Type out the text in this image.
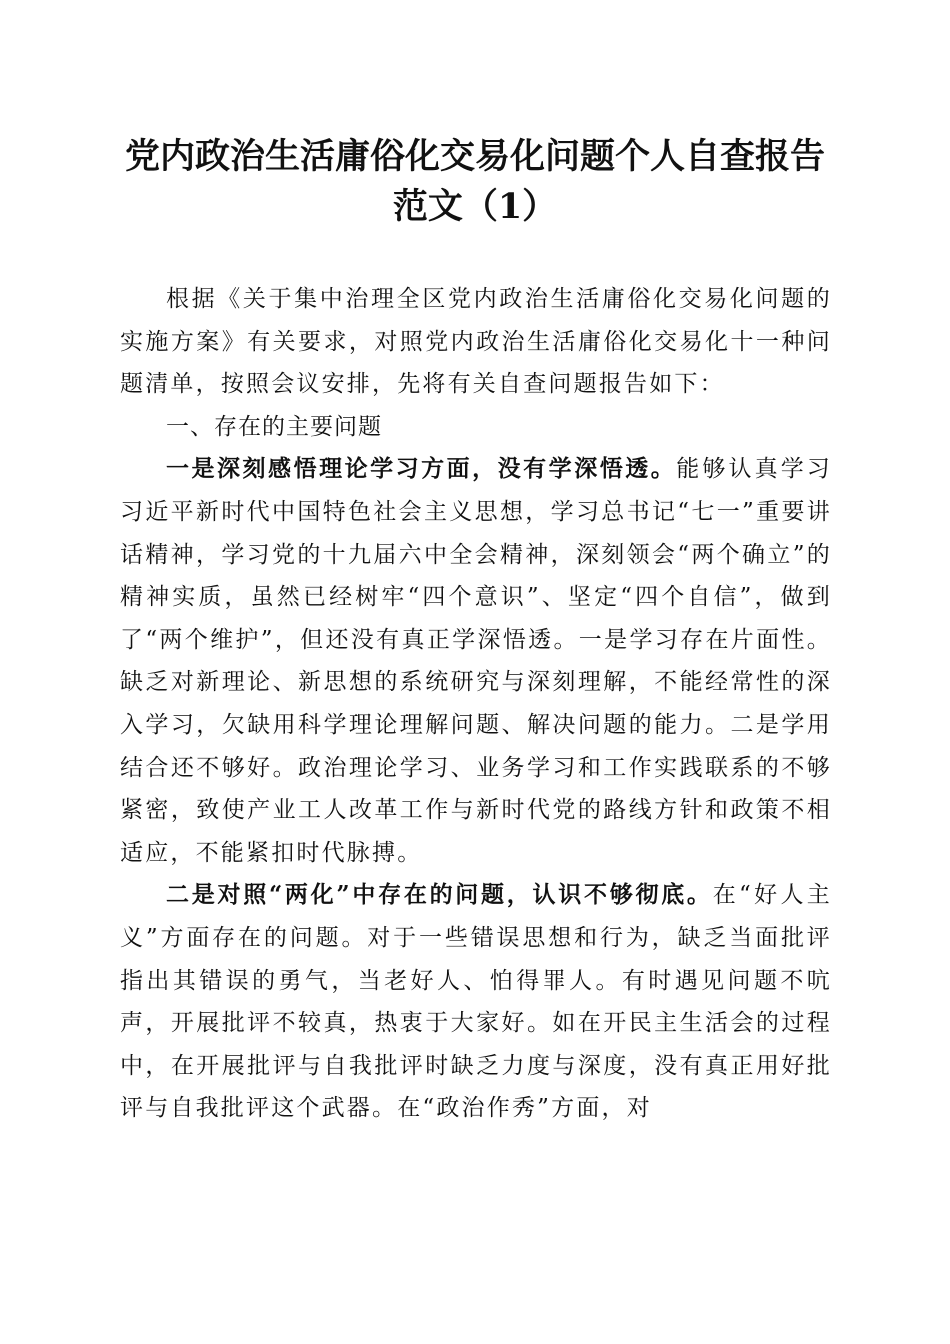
党内政治生活庸俗化交易化问题个人自查报告
范文（1）

根据《关于集中治理全区党内政治生活庸俗化交易化问题的实施方案》有关要求，对照党内政治生活庸俗化交易化十一种问题清单，按照会议安排，先将有关自查问题报告如下：

一、存在的主要问题

一是深刻感悟理论学习方面，没有学深悟透。能够认真学习习近平新时代中国特色社会主义思想，学习总书记“七一”重要讲话精神，学习党的十九届六中全会精神，深刻领会“两个确立”的精神实质，虽然已经树牢“四个意识”、坚定“四个自信”，做到了“两个维护”，但还没有真正学深悟透。一是学习存在片面性。缺乏对新理论、新思想的系统研究与深刻理解，不能经常性的深入学习，欠缺用科学理论理解问题、解决问题的能力。二是学用结合还不够好。政治理论学习、业务学习和工作实践联系的不够紧密，致使产业工人改革工作与新时代党的路线方针和政策不相适应，不能紧扣时代脉搏。

二是对照“两化”中存在的问题，认识不够彻底。在“好人主义”方面存在的问题。对于一些错误思想和行为，缺乏当面批评指出其错误的勇气，当老好人、怕得罪人。有时遇见问题不吭声，开展批评不较真，热衷于大家好。如在开民主生活会的过程中，在开展批评与自我批评时缺乏力度与深度，没有真正用好批评与自我批评这个武器。在“政治作秀”方面，对
